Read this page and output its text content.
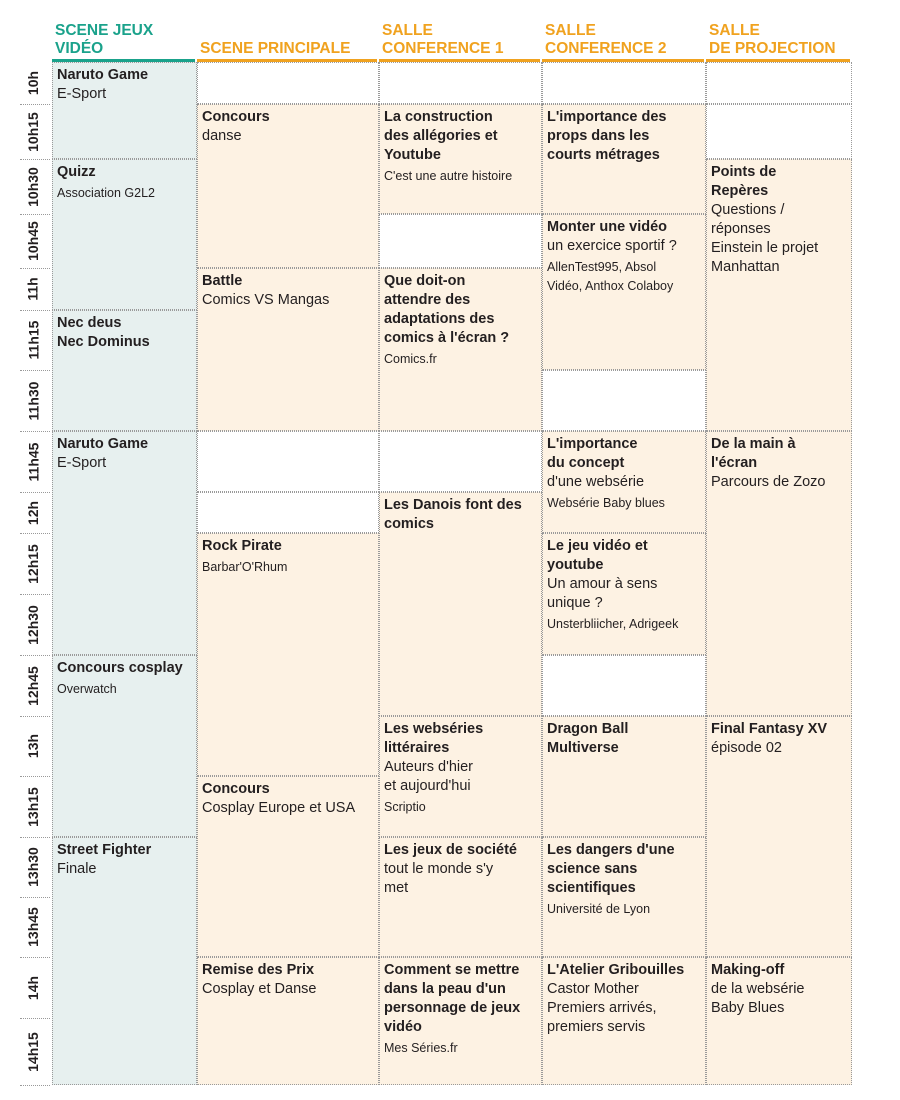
SCENE JEUX
VIDÉO	SCENE PRINCIPALE
SALLE
CONFERENCE 1
SALLE
CONFERENCE 2
SALLE
DE PROJECTION
10h
10h15
10h30
10h45
11h
11h15
11h30
11h45
12h
12h15
12h30
12h45
13h
13h15
13h30
13h45
14h
14h15
Naruto Game
E-Sport
Quizz
Association G2L2
Nec deus
Nec Dominus
Naruto Game
E-Sport
Concours cosplay
Overwatch
Street Fighter
Finale
Concours
danse
Battle
Comics VS Mangas
Rock Pirate
Barbar'O'Rhum
Concours
Cosplay Europe et USA
Remise des Prix
Cosplay et Danse
La construction
des allégories et
Youtube
C'est une autre histoire
Que doit-on
attendre des
adaptations des
comics à l'écran ?
Comics.fr
Les Danois font des
comics
Les webséries
littéraires
Auteurs d'hier
et aujourd'hui
Scriptio
Les jeux de société
tout le monde s'y
met
Comment se mettre
dans la peau d'un
personnage de jeux
vidéo
Mes Séries.fr
L'importance des
props dans les
courts métrages
Monter une vidéo
un exercice sportif ?
AllenTest995, Absol
Vidéo, Anthox Colaboy
L'importance
du concept
d'une websérie
Websérie Baby blues
Le jeu vidéo et
youtube
Un amour à sens
unique ?
Unsterbliicher, Adrigeek
Dragon Ball
Multiverse
Les dangers d'une
science sans
scientifiques
Université de Lyon
L'Atelier Gribouilles
Castor Mother
Premiers arrivés,
premiers servis
Points de
Repères
Questions /
réponses
Einstein le projet
Manhattan
De la main à
l'écran
Parcours de Zozo
Final Fantasy XV
épisode 02
Making-off
de la websérie
Baby Blues
